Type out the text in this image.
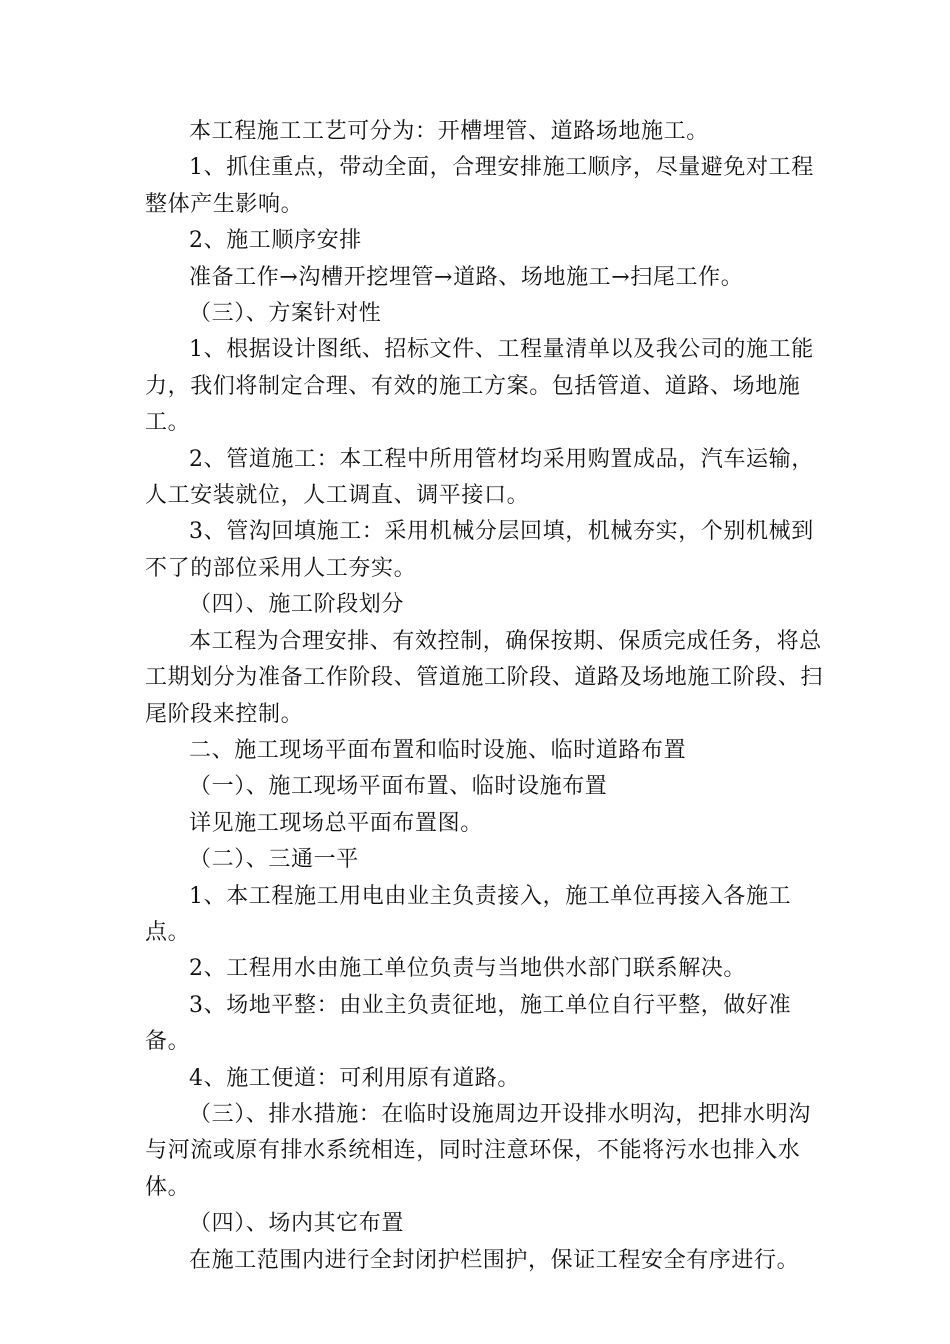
本工程施工工艺可分为：开槽埋管、道路场地施工。

1、抓住重点，带动全面，合理安排施工顺序，尽量避免对工程整体产生影响。

2、施工顺序安排

准备工作→沟槽开挖埋管→道路、场地施工→扫尾工作。

（三）、方案针对性

1、根据设计图纸、招标文件、工程量清单以及我公司的施工能力，我们将制定合理、有效的施工方案。包括管道、道路、场地施工。

2、管道施工：本工程中所用管材均采用购置成品，汽车运输，人工安装就位，人工调直、调平接口。

3、管沟回填施工：采用机械分层回填，机械夯实，个别机械到不了的部位采用人工夯实。

（四）、施工阶段划分

本工程为合理安排、有效控制，确保按期、保质完成任务，将总工期划分为准备工作阶段、管道施工阶段、道路及场地施工阶段、扫尾阶段来控制。

二、施工现场平面布置和临时设施、临时道路布置

（一）、施工现场平面布置、临时设施布置

详见施工现场总平面布置图。

（二）、三通一平

1、本工程施工用电由业主负责接入，施工单位再接入各施工点。

2、工程用水由施工单位负责与当地供水部门联系解决。

3、场地平整：由业主负责征地，施工单位自行平整，做好准备。

4、施工便道：可利用原有道路。

（三）、排水措施：在临时设施周边开设排水明沟，把排水明沟与河流或原有排水系统相连，同时注意环保，不能将污水也排入水体。

（四）、场内其它布置

在施工范围内进行全封闭护栏围护，保证工程安全有序进行。
